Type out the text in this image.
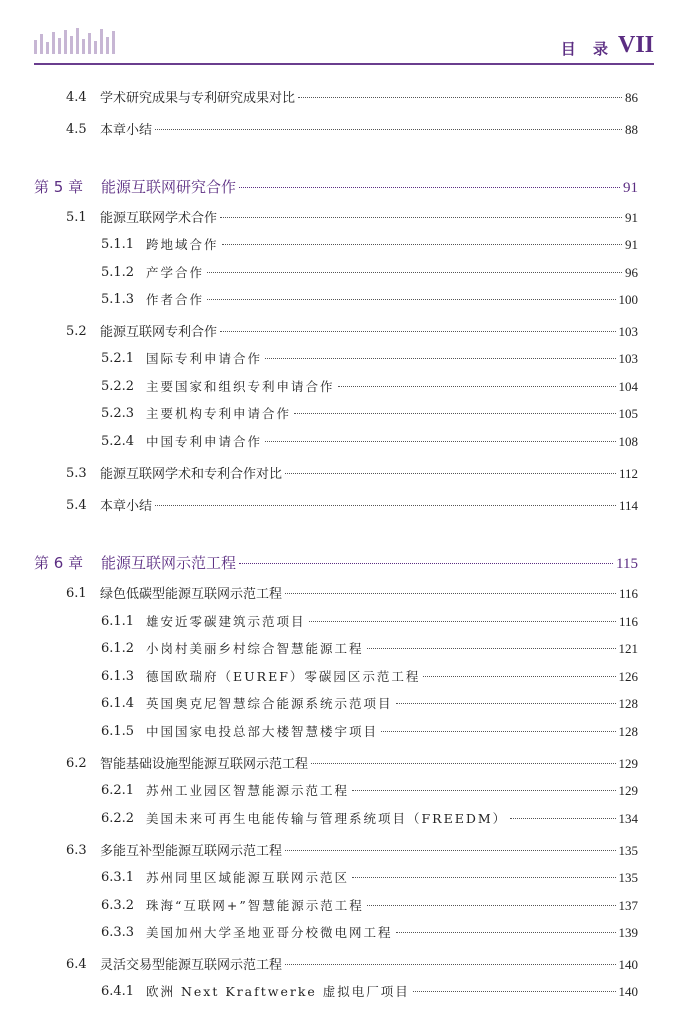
目 录 VII
4.4 学术研究成果与专利研究成果对比	86
4.5 本章小结	88
第 5 章 能源互联网研究合作	91
5.1 能源互联网学术合作	91
5.1.1 跨地域合作	91
5.1.2 产学合作	96
5.1.3 作者合作	100
5.2 能源互联网专利合作	103
5.2.1 国际专利申请合作	103
5.2.2 主要国家和组织专利申请合作	104
5.2.3 主要机构专利申请合作	105
5.2.4 中国专利申请合作	108
5.3 能源互联网学术和专利合作对比	112
5.4 本章小结	114
第 6 章 能源互联网示范工程	115
6.1 绿色低碳型能源互联网示范工程	116
6.1.1 雄安近零碳建筑示范项目	116
6.1.2 小岗村美丽乡村综合智慧能源工程	121
6.1.3 德国欧瑞府（EUREF）零碳园区示范工程	126
6.1.4 英国奥克尼智慧综合能源系统示范项目	128
6.1.5 中国国家电投总部大楼智慧楼宇项目	128
6.2 智能基础设施型能源互联网示范工程	129
6.2.1 苏州工业园区智慧能源示范工程	129
6.2.2 美国未来可再生电能传输与管理系统项目（FREEDM）	134
6.3 多能互补型能源互联网示范工程	135
6.3.1 苏州同里区域能源互联网示范区	135
6.3.2 珠海“互联网+”智慧能源示范工程	137
6.3.3 美国加州大学圣地亚哥分校微电网工程	139
6.4 灵活交易型能源互联网示范工程	140
6.4.1 欧洲 Next Kraftwerke 虚拟电厂项目	140
